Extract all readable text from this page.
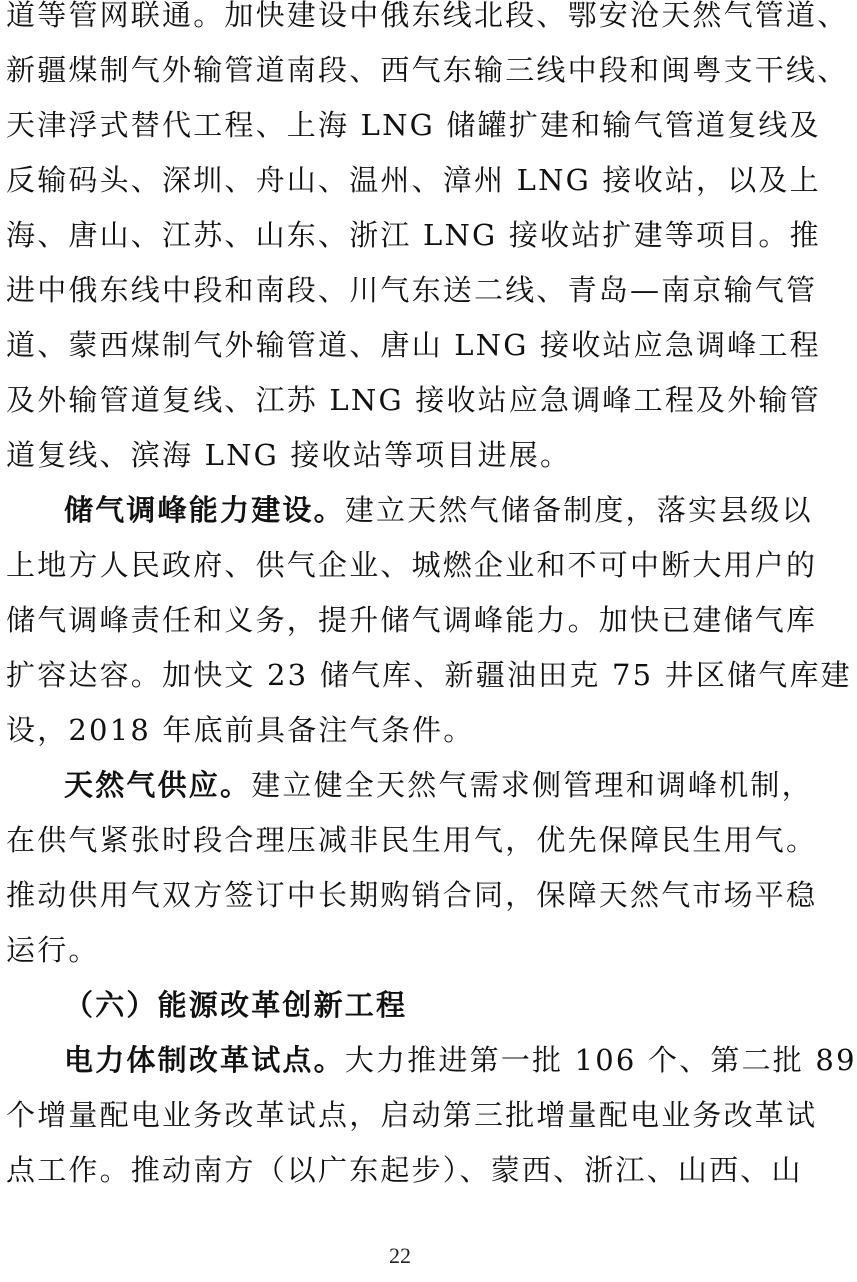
道等管网联通。加快建设中俄东线北段、鄂安沧天然气管道、
新疆煤制气外输管道南段、西气东输三线中段和闽粤支干线、
天津浮式替代工程、上海 LNG 储罐扩建和输气管道复线及
反输码头、深圳、舟山、温州、漳州 LNG 接收站，以及上
海、唐山、江苏、山东、浙江 LNG 接收站扩建等项目。推
进中俄东线中段和南段、川气东送二线、青岛—南京输气管
道、蒙西煤制气外输管道、唐山 LNG 接收站应急调峰工程
及外输管道复线、江苏 LNG 接收站应急调峰工程及外输管
道复线、滨海 LNG 接收站等项目进展。
储气调峰能力建设。建立天然气储备制度，落实县级以
上地方人民政府、供气企业、城燃企业和不可中断大用户的
储气调峰责任和义务，提升储气调峰能力。加快已建储气库
扩容达容。加快文 23 储气库、新疆油田克 75 井区储气库建
设，2018 年底前具备注气条件。
天然气供应。建立健全天然气需求侧管理和调峰机制，
在供气紧张时段合理压减非民生用气，优先保障民生用气。
推动供用气双方签订中长期购销合同，保障天然气市场平稳
运行。
（六）能源改革创新工程
电力体制改革试点。大力推进第一批 106 个、第二批 89
个增量配电业务改革试点，启动第三批增量配电业务改革试
点工作。推动南方（以广东起步）、蒙西、浙江、山西、山
22
